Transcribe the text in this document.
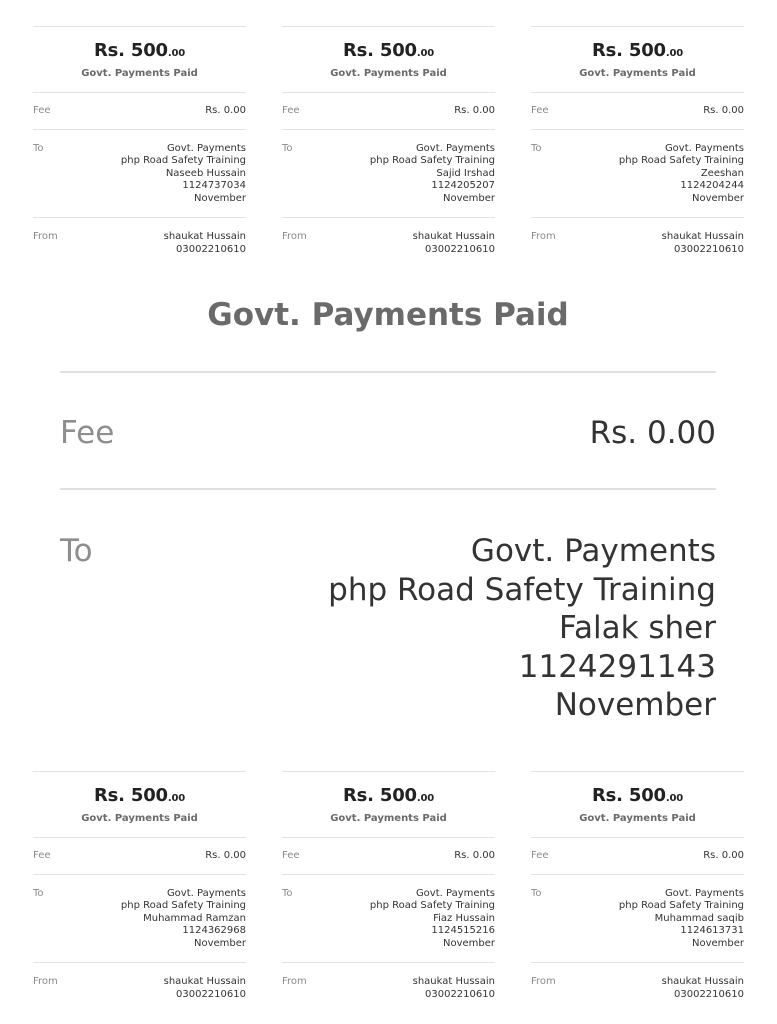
Rs. 500.00
Govt. Payments Paid
Fee	Rs. 0.00
To	Govt. Payments
php Road Safety Training
Naseeb Hussain
1124737034
November
From	shaukat Hussain
03002210610
Rs. 500.00
Govt. Payments Paid
Fee	Rs. 0.00
To	Govt. Payments
php Road Safety Training
Sajid Irshad
1124205207
November
From	shaukat Hussain
03002210610
Rs. 500.00
Govt. Payments Paid
Fee	Rs. 0.00
To	Govt. Payments
php Road Safety Training
Zeeshan
1124204244
November
From	shaukat Hussain
03002210610
Govt. Payments Paid
Fee	Rs. 0.00
To	Govt. Payments
php Road Safety Training
Falak sher
1124291143
November
Rs. 500.00
Govt. Payments Paid
Fee	Rs. 0.00
To	Govt. Payments
php Road Safety Training
Muhammad Ramzan
1124362968
November
From	shaukat Hussain
03002210610
Rs. 500.00
Govt. Payments Paid
Fee	Rs. 0.00
To	Govt. Payments
php Road Safety Training
Fiaz Hussain
1124515216
November
From	shaukat Hussain
03002210610
Rs. 500.00
Govt. Payments Paid
Fee	Rs. 0.00
To	Govt. Payments
php Road Safety Training
Muhammad saqib
1124613731
November
From	shaukat Hussain
03002210610
